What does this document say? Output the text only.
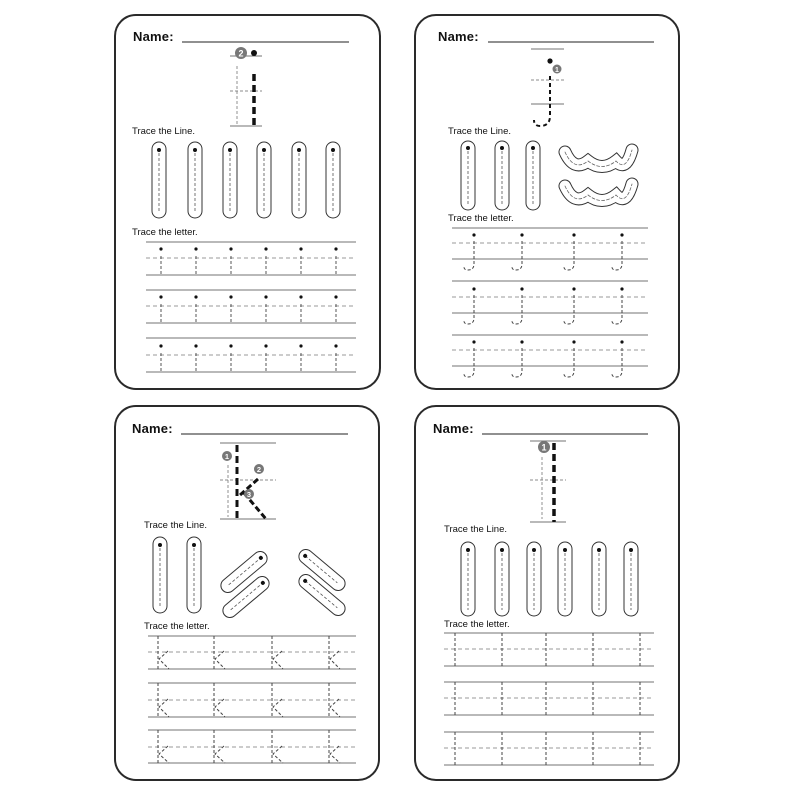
Name:
Trace the Line.
Trace the letter.
2
Name:
Trace the Line.
Trace the letter.
1
Name:
Trace the Line.
Trace the letter.
1
2
3
Name:
Trace the Line.
Trace the letter.
1
